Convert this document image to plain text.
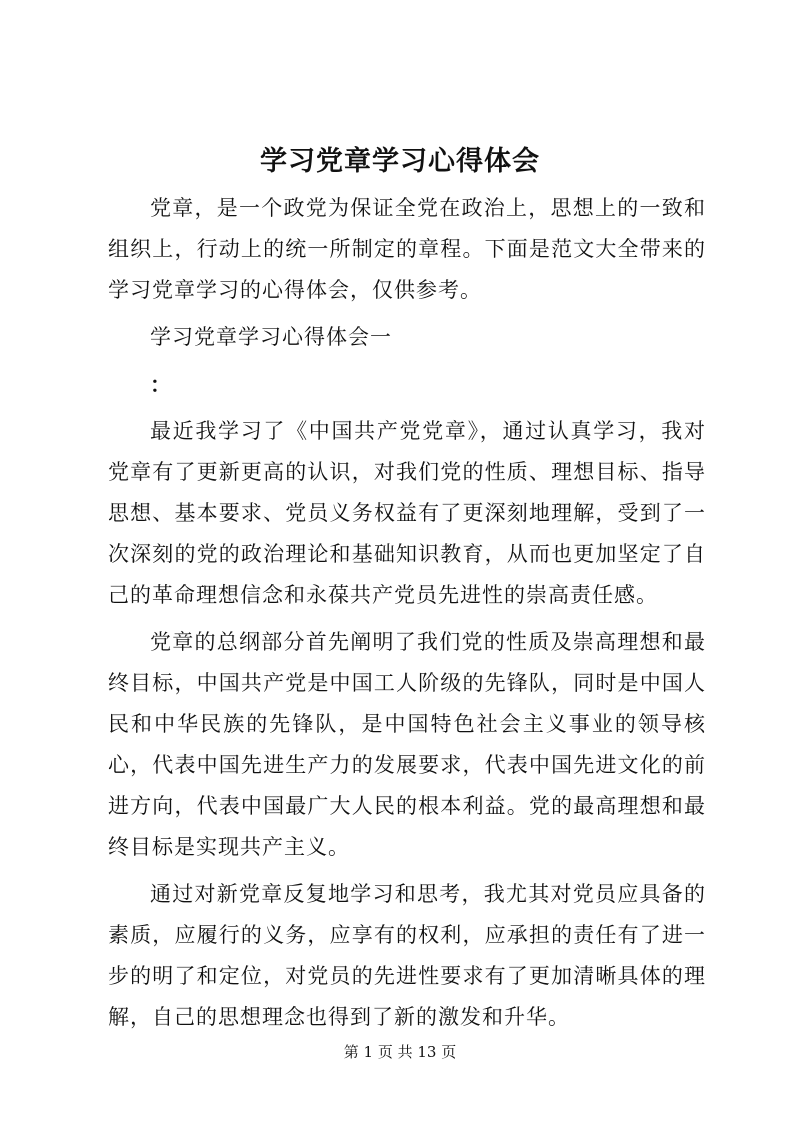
学习党章学习心得体会

党章，是一个政党为保证全党在政治上，思想上的一致和组织上，行动上的统一所制定的章程。下面是范文大全带来的学习党章学习的心得体会，仅供参考。

学习党章学习心得体会一

：

最近我学习了《中国共产党党章》，通过认真学习，我对党章有了更新更高的认识，对我们党的性质、理想目标、指导思想、基本要求、党员义务权益有了更深刻地理解，受到了一次深刻的党的政治理论和基础知识教育，从而也更加坚定了自己的革命理想信念和永葆共产党员先进性的崇高责任感。

党章的总纲部分首先阐明了我们党的性质及崇高理想和最终目标，中国共产党是中国工人阶级的先锋队，同时是中国人民和中华民族的先锋队，是中国特色社会主义事业的领导核心，代表中国先进生产力的发展要求，代表中国先进文化的前进方向，代表中国最广大人民的根本利益。党的最高理想和最终目标是实现共产主义。

通过对新党章反复地学习和思考，我尤其对党员应具备的素质，应履行的义务，应享有的权利，应承担的责任有了进一步的明了和定位，对党员的先进性要求有了更加清晰具体的理解，自己的思想理念也得到了新的激发和升华。

第 1 页 共 13 页
